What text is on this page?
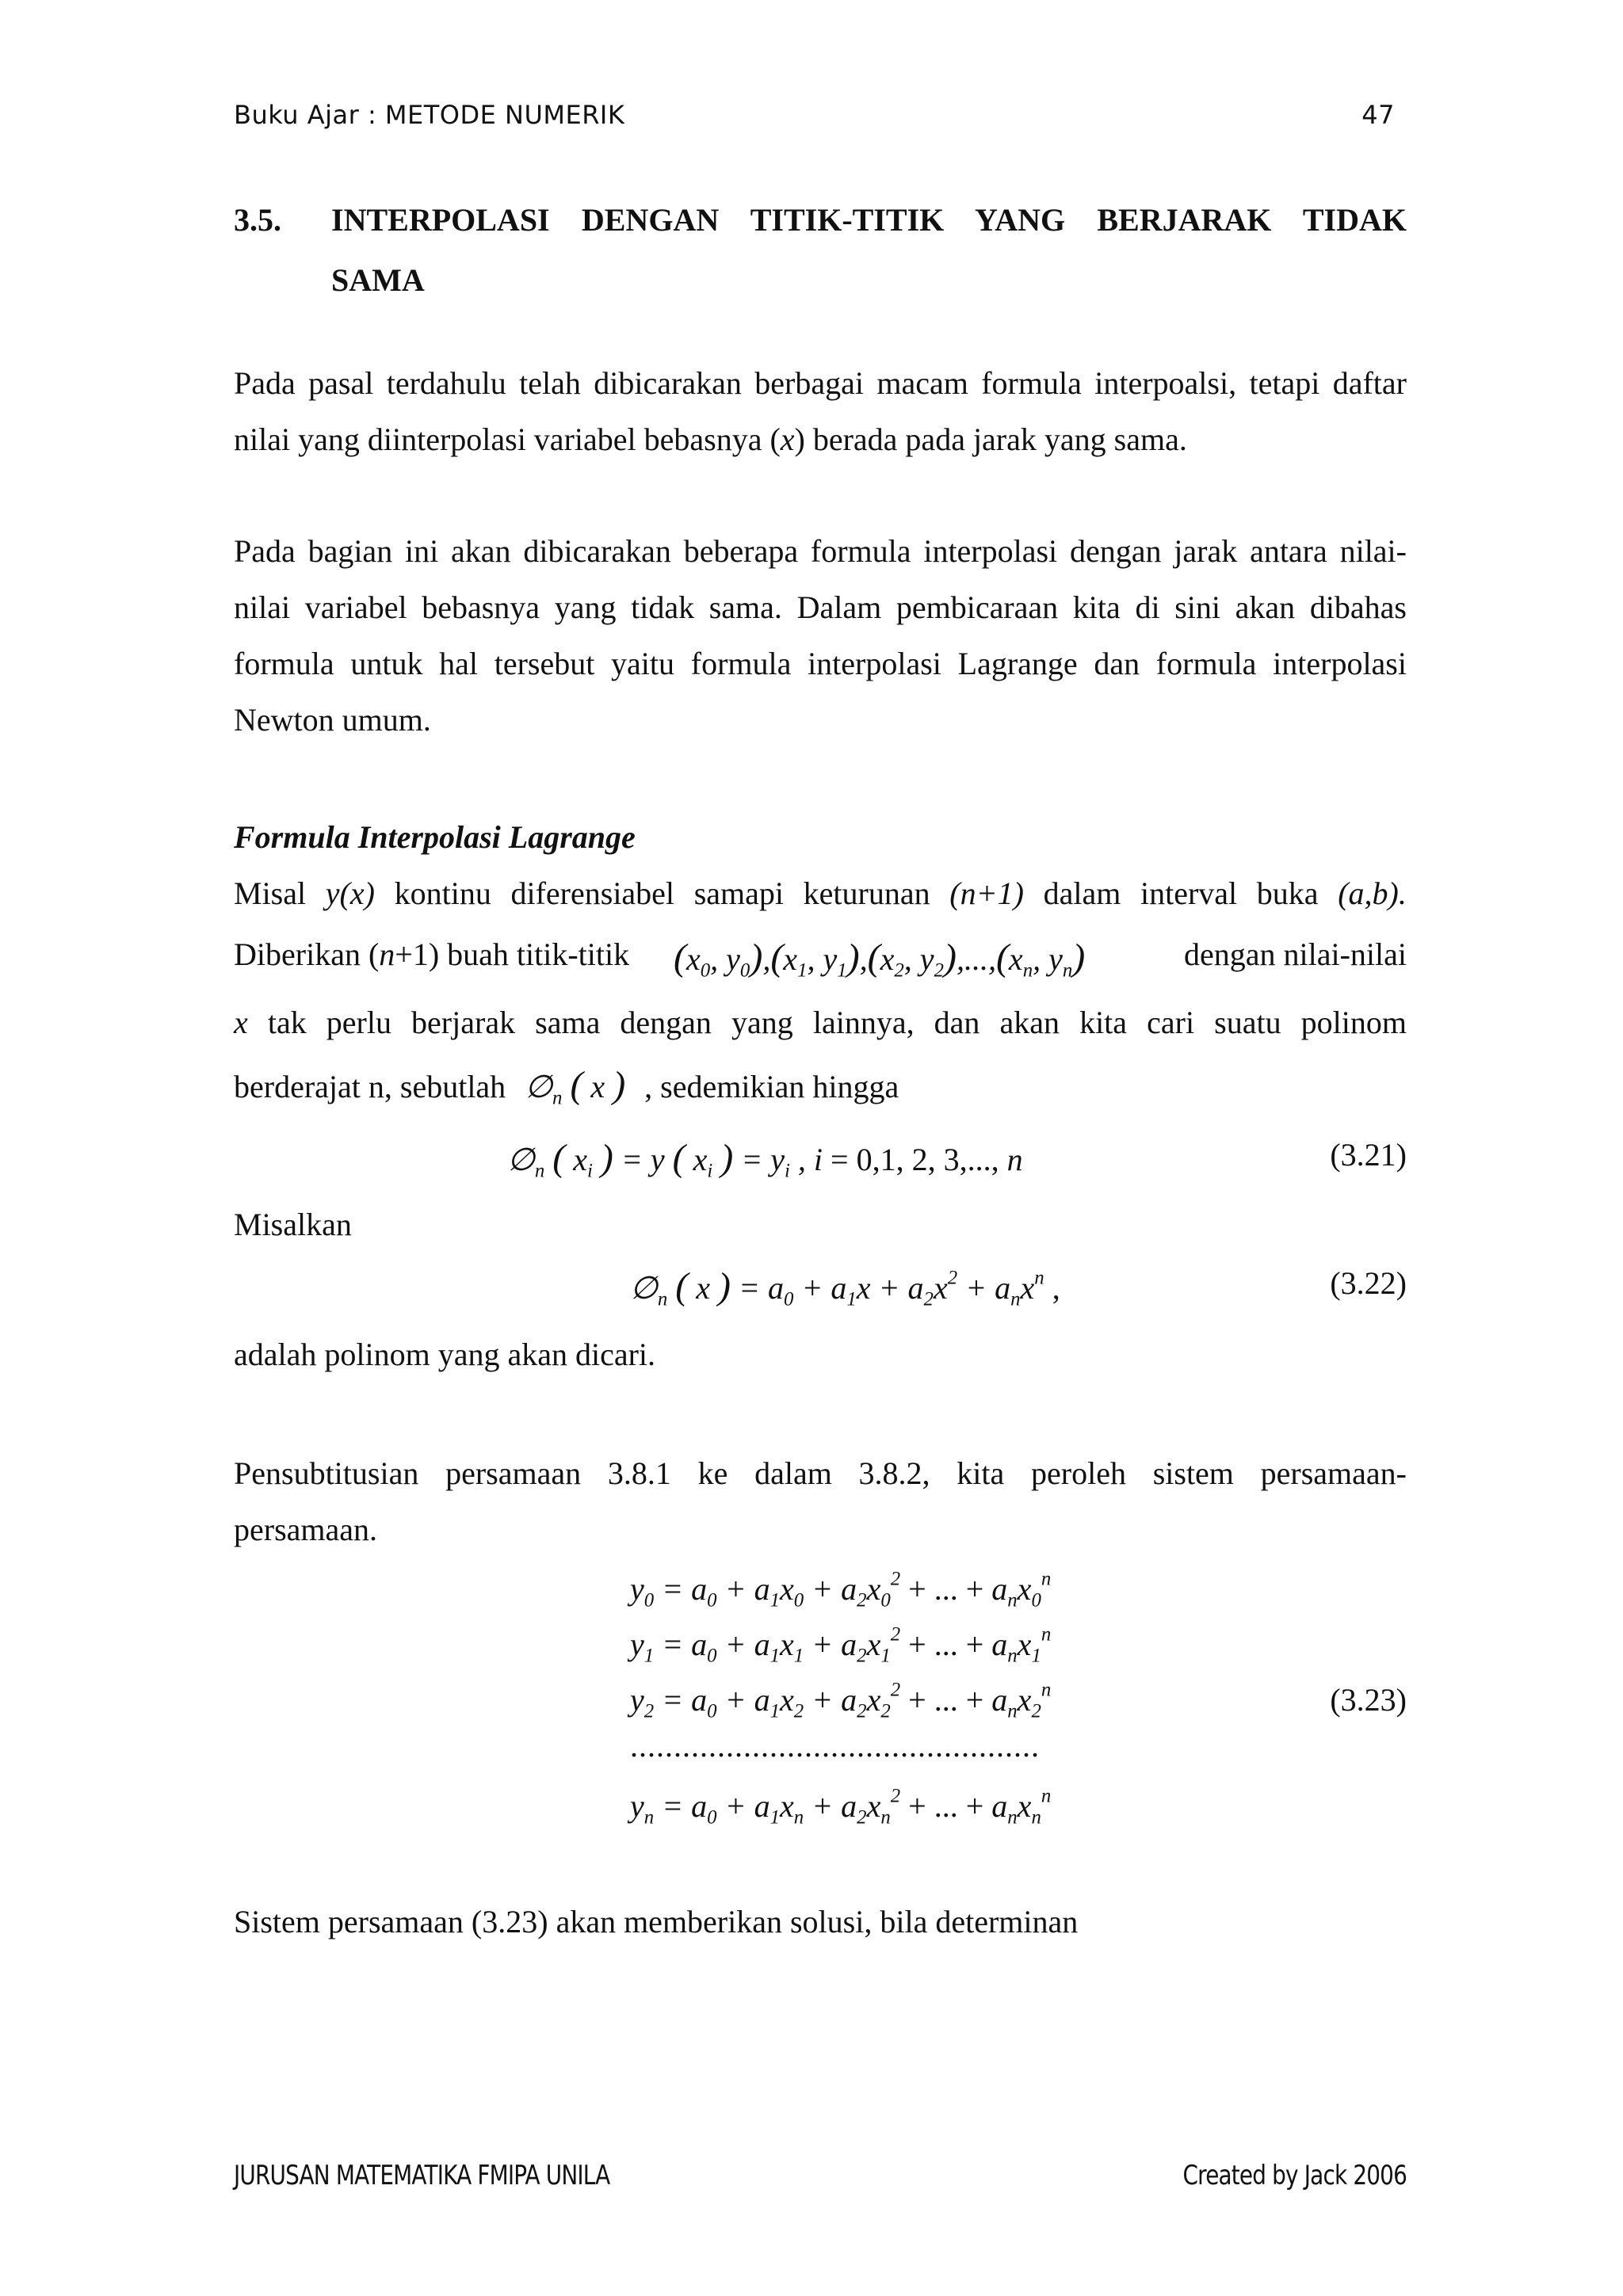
Buku Ajar : METODE NUMERIK	47
3.5. INTERPOLASI DENGAN TITIK-TITIK YANG BERJARAK TIDAK
SAMA
Pada pasal terdahulu telah dibicarakan berbagai macam formula interpoalsi, tetapi daftar
nilai yang diinterpolasi variabel bebasnya (x) berada pada jarak yang sama.
Pada bagian ini akan dibicarakan beberapa formula interpolasi dengan jarak antara nilai-
nilai variabel bebasnya yang tidak sama. Dalam pembicaraan kita di sini akan dibahas
formula untuk hal tersebut yaitu formula interpolasi Lagrange dan formula interpolasi
Newton umum.
Formula Interpolasi Lagrange
Misal y(x) kontinu diferensiabel samapi keturunan (n+1) dalam interval buka (a,b).
Diberikan (n+1) buah titik-titik ($x_0$, $y_0),(x_1$, $y_1),(x_2$, $y_2),...,(x_n$, $y_n$)	dengan nilai-nilai
x tak perlu berjarak sama dengan yang lainnya, dan akan kita cari suatu polinom
berderajat n, sebutlah $\emptyset_n$ ( x ) , sedemikian hingga
$\emptyset_n$ ( $x_i$ ) = y ( $x_i$ ) = $y_i$ , i = 0,1, 2, 3,..., n	(3.21)
Misalkan
$\emptyset_n$ ( x ) = $a_0 + a_1x + a_2x^2 + a_nx^n$ ,	(3.22)
adalah polinom yang akan dicari.
Pensubtitusian persamaan 3.8.1 ke dalam 3.8.2, kita peroleh sistem persamaan-
persamaan.
$y_0 = a_0 + a_1x_0 + a_2x_0^2$ + ... + $a_nx_0^n$
$y_1 = a_0 + a_1x_1 + a_2x_1^2$ + ... + $a_nx_1^n$
$y_2 = a_0 + a_1x_2 + a_2x_2^2$ + ... + $a_nx_2^n$	(3.23)
...............................................
$y_n = a_0 + a_1x_n + a_2x_n^2$ + ... + $a_nx_n^n$
Sistem persamaan (3.23) akan memberikan solusi, bila determinan
JURUSAN MATEMATIKA FMIPA UNILA	Created by Jack 2006
